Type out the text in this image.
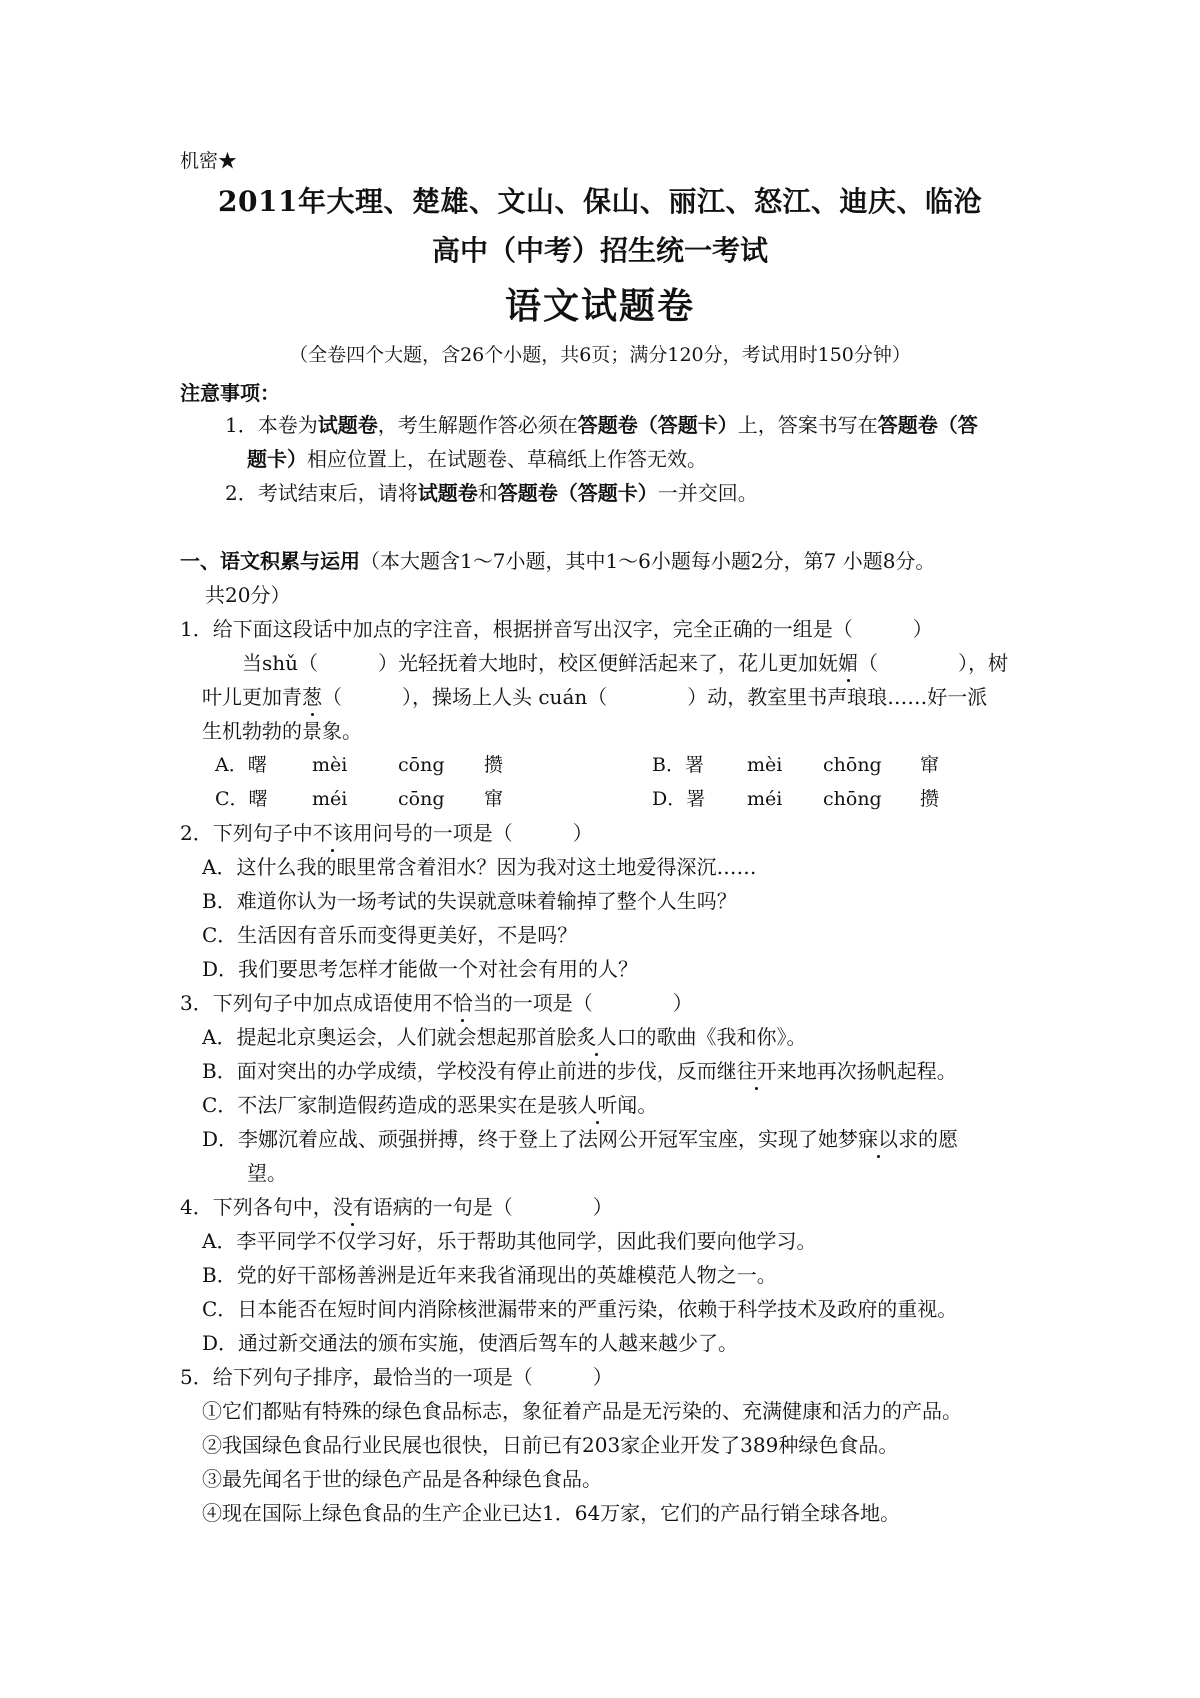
机密★
2011年大理、楚雄、文山、保山、丽江、怒江、迪庆、临沧
高中（中考）招生统一考试
语文试题卷
（全卷四个大题，含26个小题，共6页；满分120分，考试用时150分钟）
注意事项：
1．本卷为试题卷，考生解题作答必须在答题卷（答题卡）上，答案书写在答题卷（答
题卡）相应位置上，在试题卷、草稿纸上作答无效。
2．考试结束后，请将试题卷和答题卷（答题卡）一并交回。
一、语文积累与运用（本大题含1～7小题，其中1～6小题每小题2分，第7 小题8分。
共20分）
1．给下面这段话中加点的字注音，根据拼音写出汉字，完全正确的一组是（　　　）
当shǔ（　　　）光轻抚着大地时，校区便鲜活起来了，花儿更加妩媚（　　　　），树
叶儿更加青葱（　　　），操场上人头 cuán（　　　　）动，教室里书声琅琅……好一派
生机勃勃的景象。
A．曙 mèi	cōng 攒	B．署 mèi chōng 窜
C．曙 méi	cōng 窜	D．署 méi chōng 攒
2．下列句子中不该用问号的一项是（　　　）
A．这什么我的眼里常含着泪水？因为我对这土地爱得深沉……
B．难道你认为一场考试的失误就意味着输掉了整个人生吗？
C．生活因有音乐而变得更美好，不是吗？
D．我们要思考怎样才能做一个对社会有用的人？
3．下列句子中加点成语使用不恰当的一项是（　　　　）
A．提起北京奥运会，人们就会想起那首脍炙人口的歌曲《我和你》。
B．面对突出的办学成绩，学校没有停止前进的步伐，反而继往开来地再次扬帆起程。
C．不法厂家制造假药造成的恶果实在是骇人听闻。
D．李娜沉着应战、顽强拼搏，终于登上了法网公开冠军宝座，实现了她梦寐以求的愿
望。
4．下列各句中，没有语病的一句是（　　　　）
A．李平同学不仅学习好，乐于帮助其他同学，因此我们要向他学习。
B．党的好干部杨善洲是近年来我省涌现出的英雄模范人物之一。
C．日本能否在短时间内消除核泄漏带来的严重污染，依赖于科学技术及政府的重视。
D．通过新交通法的颁布实施，使酒后驾车的人越来越少了。
5．给下列句子排序，最恰当的一项是（　　　）
①它们都贴有特殊的绿色食品标志，象征着产品是无污染的、充满健康和活力的产品。
②我国绿色食品行业民展也很快，日前已有203家企业开发了389种绿色食品。
③最先闻名于世的绿色产品是各种绿色食品。
④现在国际上绿色食品的生产企业已达1．64万家，它们的产品行销全球各地。
